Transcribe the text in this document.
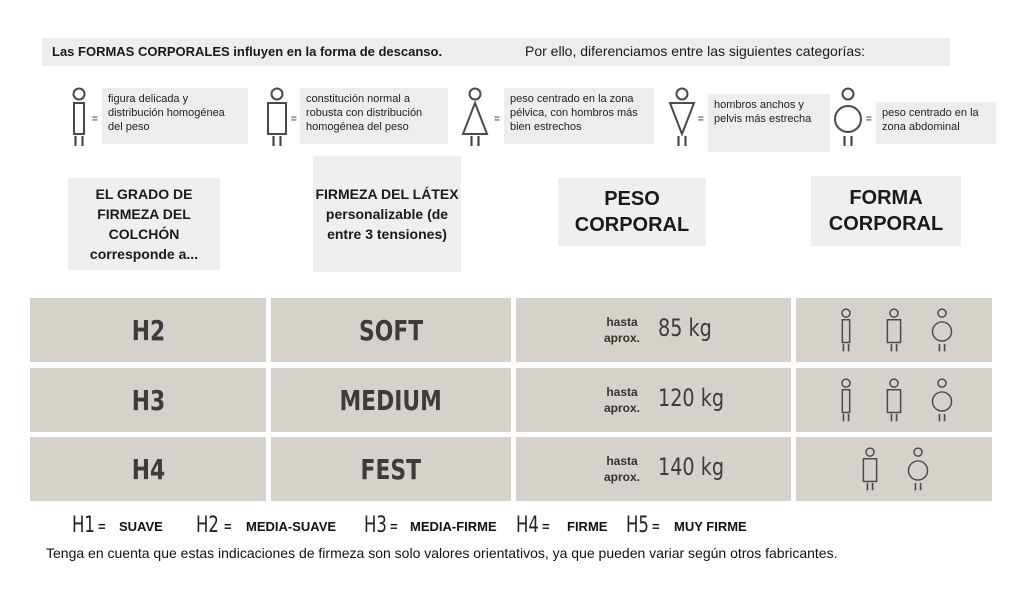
Las FORMAS CORPORALES influyen en la forma de descanso.	Por ello, diferenciamos entre las siguientes categorías:
=
figura delicada y distribución homogénea del peso
=
constitución normal a robusta con distribución homogénea del peso
=
peso centrado en la zona pélvica, con hombros más bien estrechos
=
hombros anchos y pelvis más estrecha	=
peso centrado en la zona abdominal
EL GRADO DE FIRMEZA DEL COLCHÓN corresponde a...
FIRMEZA DEL LÁTEX personalizable (de entre 3 tensiones)
PESO CORPORAL
FORMA CORPORAL
H2	SOFT	hasta aprox. 85 kg
H3	MEDIUM	hasta aprox. 120 kg
H4	FEST	hasta aprox. 140 kg
H1 = SUAVE H2 = MEDIA-SUAVE H3 = MEDIA-FIRME H4 = FIRME H5 = MUY FIRME
Tenga en cuenta que estas indicaciones de firmeza son solo valores orientativos, ya que pueden variar según otros fabricantes.
